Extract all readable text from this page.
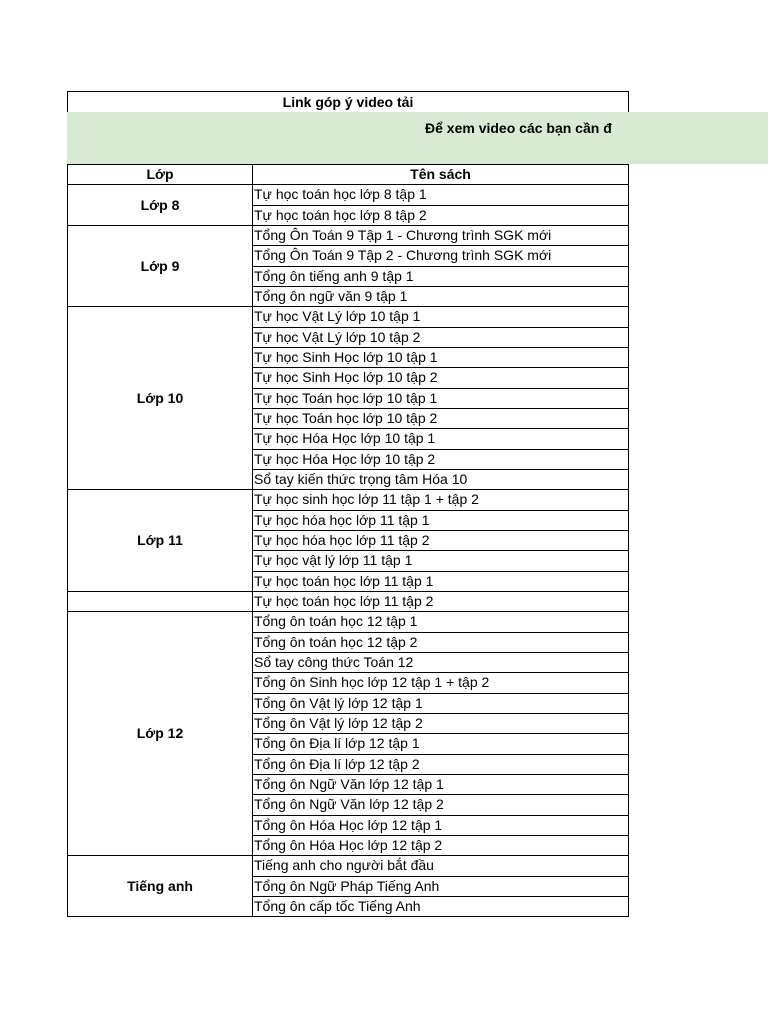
Link góp ý video tải
Để xem video các bạn cần đ
Lớp	Tên sách
Tự học toán học lớp 8 tập 1
Tự học toán học lớp 8 tập 2
Lớp 8
Tổng Ôn Toán 9 Tập 1 - Chương trình SGK mới
Tổng Ôn Toán 9 Tập 2 - Chương trình SGK mới
Tổng ôn tiếng anh 9 tập 1
Tổng ôn ngữ văn 9 tập 1
Lớp 9
Tự học Vật Lý lớp 10 tập 1
Tự học Vật Lý lớp 10 tập 2
Tự học Sinh Học lớp 10 tập 1
Tự học Sinh Học lớp 10 tập 2
Tự học Toán học lớp 10 tập 1
Tự học Toán học lớp 10 tập 2
Tự học Hóa Học lớp 10 tập 1
Tự học Hóa Học lớp 10 tập 2
Sổ tay kiến thức trọng tâm Hóa 10
Lớp 10
Tự học sinh học lớp 11 tập 1 + tập 2
Tự học hóa học lớp 11 tập 1
Tự học hóa học lớp 11 tập 2
Tự học vật lý lớp 11 tập 1
Tự học toán học lớp 11 tập 1
Lớp 11
Tự học toán học lớp 11 tập 2
Tổng ôn toán học 12 tập 1
Tổng ôn toán học 12 tập 2
Sổ tay công thức Toán 12
Tổng ôn Sinh học lớp 12 tập 1 + tập 2
Tổng ôn Vật lý lớp 12 tập 1
Tổng ôn Vật lý lớp 12 tập 2
Tổng ôn Địa lí lớp 12 tập 1
Tổng ôn Địa lí lớp 12 tập 2
Tổng ôn Ngữ Văn lớp 12 tập 1
Tổng ôn Ngữ Văn lớp 12 tập 2
Tổng ôn Hóa Học lớp 12 tập 1
Tổng ôn Hóa Học lớp 12 tập 2
Lớp 12
Tiếng anh cho người bắt đầu
Tổng ôn Ngữ Pháp Tiếng Anh
Tổng ôn cấp tốc Tiếng Anh
Tiếng anh
